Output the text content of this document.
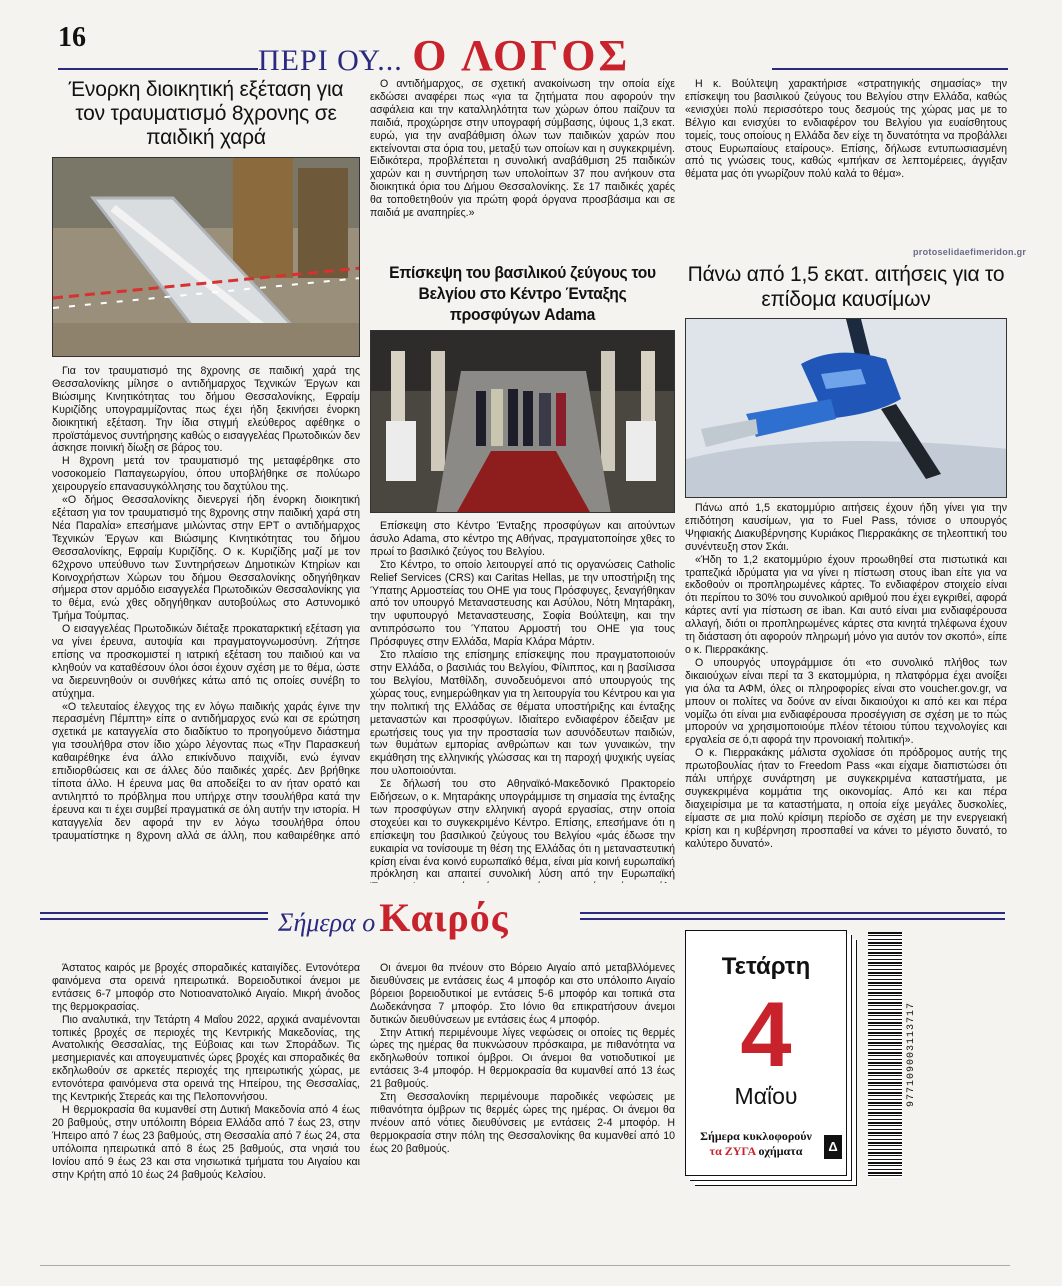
16
ΠΕΡΙ ΟΥ... Ο ΛΟΓΟΣ
Ένορκη διοικητική εξέταση για τον τραυματισμό 8χρονης σε παιδική χαρά

Για τον τραυματισμό της 8χρονης σε παιδική χαρά της Θεσσαλονίκης μίλησε ο αντιδήμαρχος Τεχνικών Έργων και Βιώσιμης Κινητικότητας του δήμου Θεσσαλονίκης, Εφραίμ Κυριζίδης υπογραμμίζοντας πως έχει ήδη ξεκινήσει ένορκη διοικητική εξέταση. Την ίδια στιγμή ελεύθερος αφέθηκε ο προϊστάμενος συντήρησης καθώς ο εισαγγελέας Πρωτοδικών δεν άσκησε ποινική δίωξη σε βάρος του.

Η 8χρονη μετά τον τραυματισμό της μεταφέρθηκε στο νοσοκομείο Παπαγεωργίου, όπου υποβλήθηκε σε πολύωρο χειρουργείο επανασυγκόλλησης του δαχτύλου της.

«Ο δήμος Θεσσαλονίκης διενεργεί ήδη ένορκη διοικητική εξέταση για τον τραυματισμό της 8χρονης στην παιδική χαρά στη Νέα Παραλία» επεσήμανε μιλώντας στην ΕΡΤ ο αντιδήμαρχος Τεχνικών Έργων και Βιώσιμης Κινητικότητας του δήμου Θεσσαλονίκης, Εφραίμ Κυριζίδης. Ο κ. Κυριζίδης μαζί με τον 62χρονο υπεύθυνο των Συντηρήσεων Δημοτικών Κτηρίων και Κοινοχρήστων Χώρων του δήμου Θεσσαλονίκης οδηγήθηκαν σήμερα στον αρμόδιο εισαγγελέα Πρωτοδικών Θεσσαλονίκης για το θέμα, ενώ χθες οδηγήθηκαν αυτοβούλως στο Αστυνομικό Τμήμα Τούμπας.

Ο εισαγγελέας Πρωτοδικών διέταξε προκαταρκτική εξέταση για να γίνει έρευνα, αυτοψία και πραγματογνωμοσύνη. Ζήτησε επίσης να προσκομιστεί η ιατρική εξέταση του παιδιού και να κληθούν να καταθέσουν όλοι όσοι έχουν σχέση με το θέμα, ώστε να διερευνηθούν οι συνθήκες κάτω από τις οποίες συνέβη το ατύχημα.

«Ο τελευταίος έλεγχος της εν λόγω παιδικής χαράς έγινε την περασμένη Πέμπτη» είπε ο αντιδήμαρχος ενώ και σε ερώτηση σχετικά με καταγγελία στο διαδίκτυο το προηγούμενο διάστημα για τσουλήθρα στον ίδιο χώρο λέγοντας πως «Την Παρασκευή καθαιρέθηκε ένα άλλο επικίνδυνο παιχνίδι, ενώ έγιναν επιδιορθώσεις και σε άλλες δύο παιδικές χαρές. Δεν βρήθηκε τίποτα άλλο. Η έρευνα μας θα αποδείξει το αν ήταν ορατό και αντιληπτό το πρόβλημα που υπήρχε στην τσουλήθρα κατά την έρευνα και τι έχει συμβεί πραγματικά σε όλη αυτήν την ιστορία. Η καταγγελία δεν αφορά την εν λόγω τσουλήθρα όπου τραυματίστηκε η 8χρονη αλλά σε άλλη, που καθαιρέθηκε από

Ο αντιδήμαρχος, σε σχετική ανακοίνωση την οποία είχε εκδώσει αναφέρει πως «για τα ζητήματα που αφορούν την ασφάλεια και την καταλληλότητα των χώρων όπου παίζουν τα παιδιά, προχώρησε στην υπογραφή σύμβασης, ύψους 1,3 εκατ. ευρώ, για την αναβάθμιση όλων των παιδικών χαρών που εκτείνονται στα όρια του, μεταξύ των οποίων και η συγκεκριμένη. Ειδικότερα, προβλέπεται η συνολική αναβάθμιση 25 παιδικών χαρών και η συντήρηση των υπολοίπων 37 που ανήκουν στα διοικητικά όρια του Δήμου Θεσσαλονίκης. Σε 17 παιδικές χαρές θα τοποθετηθούν για πρώτη φορά όργανα προσβάσιμα και σε παιδιά με αναπηρίες.»

Επίσκεψη του βασιλικού ζεύγους του Βελγίου στο Κέντρο Ένταξης προσφύγων Adama

Επίσκεψη στο Κέντρο Ένταξης προσφύγων και αιτούντων άσυλο Adama, στο κέντρο της Αθήνας, πραγματοποίησε χθες το πρωί το βασιλικό ζεύγος του Βελγίου.

Στο Κέντρο, το οποίο λειτουργεί από τις οργανώσεις Catholic Relief Services (CRS) και Caritas Hellas, με την υποστήριξη της Ύπατης Αρμοστείας του ΟΗΕ για τους Πρόσφυγες, ξεναγήθηκαν από τον υπουργό Μεταναστευσης και Ασύλου, Νότη Μηταράκη, την υφυπουργό Μεταναστευσης, Σοφία Βούλτεψη, και την αντιπρόσωπο του Ύπατου Αρμοστή του ΟΗΕ για τους Πρόσφυγες στην Ελλάδα, Μαρία Κλάρα Μάρτιν.

Στο πλαίσιο της επίσημης επίσκεψης που πραγματοποιούν στην Ελλάδα, ο βασιλιάς του Βελγίου, Φίλιππος, και η βασίλισσα του Βελγίου, Ματθίλδη, συνοδευόμενοι από υπουργούς της χώρας τους, ενημερώθηκαν για τη λειτουργία του Κέντρου και για την πολιτική της Ελλάδας σε θέματα υποστήριξης και ένταξης μεταναστών και προσφύγων. Ιδιαίτερο ενδιαφέρον έδειξαν με ερωτήσεις τους για την προστασία των ασυνόδευτων παιδιών, των θυμάτων εμπορίας ανθρώπων και των γυναικών, την εκμάθηση της ελληνικής γλώσσας και τη παροχή ψυχικής υγείας που υλοποιούνται.

Σε δήλωσή του στο Αθηναϊκό-Μακεδονικό Πρακτορείο Ειδήσεων, ο κ. Μηταράκης υπογράμμισε τη σημασία της ένταξης των προσφύγων στην ελληνική αγορά εργασίας, στην οποία στοχεύει και το συγκεκριμένο Κέντρο. Επίσης, επεσήμανε ότι η επίσκεψη του βασιλικού ζεύγους του Βελγίου «μάς έδωσε την ευκαιρία να τονίσουμε τη θέση της Ελλάδας ότι η μεταναστευτική κρίση είναι ένα κοινό ευρωπαϊκό θέμα, είναι μία κοινή ευρωπαϊκή πρόκληση και απαιτεί συνολική λύση από την Ευρωπαϊκή

Η κ. Βούλτεψη χαρακτήρισε «στρατηγικής σημασίας» την επίσκεψη του βασιλικού ζεύγους του Βελγίου στην Ελλάδα, καθώς «ενισχύει πολύ περισσότερο τους δεσμούς της χώρας μας με το Βέλγιο και ενισχύει το ενδιαφέρον του Βελγίου για ευαίσθητους τομείς, τους οποίους η Ελλάδα δεν είχε τη δυνατότητα να προβάλλει στους Ευρωπαίους εταίρους». Επίσης, δήλωσε εντυπωσιασμένη από τις γνώσεις τους, καθώς «μπήκαν σε λεπτομέρειες, άγγιξαν θέματα μας ότι γνωρίζουν πολύ καλά το θέμα».

protoselidaefimeridon.gr
Πάνω από 1,5 εκατ. αιτήσεις για το επίδομα καυσίμων

Πάνω από 1,5 εκατομμύριο αιτήσεις έχουν ήδη γίνει για την επιδότηση καυσίμων, για το Fuel Pass, τόνισε ο υπουργός Ψηφιακής Διακυβέρνησης Κυριάκος Πιερρακάκης σε τηλεοπτική του συνέντευξη στον Σκάι.

«Ήδη το 1,2 εκατομμύριο έχουν προωθηθεί στα πιστωτικά και τραπεζικά ιδρύματα για να γίνει η πίστωση στους iban είτε για να εκδοθούν οι προπληρωμένες κάρτες. Το ενδιαφέρον στοιχείο είναι ότι περίπου το 30% του συνολικού αριθμού που έχει εγκριθεί, αφορά κάρτες αντί για πίστωση σε iban. Και αυτό είναι μια ενδιαφέρουσα αλλαγή, διότι οι προπληρωμένες κάρτες στα κινητά τηλέφωνα έχουν τη διάσταση ότι αφορούν πληρωμή μόνο για αυτόν τον σκοπό», είπε ο κ. Πιερρακάκης.

Ο υπουργός υπογράμμισε ότι «το συνολικό πλήθος των δικαιούχων είναι περί τα 3 εκατομμύρια, η πλατφόρμα έχει ανοίξει για όλα τα ΑΦΜ, όλες οι πληροφορίες είναι στο voucher.gov.gr, να μπουν οι πολίτες να δούνε αν είναι δικαιούχοι κι από κει και πέρα νομίζω ότι είναι μια ενδιαφέρουσα προσέγγιση σε σχέση με το πώς μπορούν να χρησιμοποιούμε πλέον τέτοιου τύπου τεχνολογίες και εργαλεία σε ό,τι αφορά την προνοιακή πολιτική».

Ο κ. Πιερρακάκης μάλιστα σχολίασε ότι πρόδρομος αυτής της πρωτοβουλίας ήταν το Freedom Pass «και είχαμε διαπιστώσει ότι πάλι υπήρχε συνάρτηση με συγκεκριμένα καταστήματα, με συγκεκριμένα κομμάτια της οικονομίας. Από κει και πέρα διαχειρίσιμα με τα καταστήματα, η οποία είχε μεγάλες δυσκολίες, είμαστε σε μια πολύ κρίσιμη περίοδο σε σχέση με την ενεργειακή κρίση και η κυβέρνηση προσπαθεί να κάνει το μέγιστο δυνατό, το καλύτερο δυνατό».

Σήμερα ο Καιρός

Άστατος καιρός με βροχές σποραδικές καταιγίδες. Εντονότερα φαινόμενα στα ορεινά ηπειρωτικά. Βορειοδυτικοί άνεμοι με εντάσεις 6-7 μποφόρ στο Νοτιοανατολικό Αιγαίο. Μικρή άνοδος της θερμοκρασίας.

Πιο αναλυτικά, την Τετάρτη 4 Μαΐου 2022, αρχικά αναμένονται τοπικές βροχές σε περιοχές της Κεντρικής Μακεδονίας, της Ανατολικής Θεσσαλίας, της Εύβοιας και των Σποράδων. Τις μεσημεριανές και απογευματινές ώρες βροχές και σποραδικές θα εκδηλωθούν σε αρκετές περιοχές της ηπειρωτικής χώρας, με εντονότερα φαινόμενα στα ορεινά της Ηπείρου, της Θεσσαλίας, της Κεντρικής Στερεάς και της Πελοποννήσου.

Η θερμοκρασία θα κυμανθεί στη Δυτική Μακεδονία από 4 έως 20 βαθμούς, στην υπόλοιπη Βόρεια Ελλάδα από 7 έως 23, στην Ήπειρο από 7 έως 23 βαθμούς, στη Θεσσαλία από 7 έως 24, στα υπόλοιπα ηπειρωτικά από 8 έως 25 βαθμούς, στα νησιά του Ιονίου από 9 έως 23 και στα νησιωτικά τμήματα του Αιγαίου και στην Κρήτη από 10 έως 24 βαθμούς Κελσίου.

Οι άνεμοι θα πνέουν στο Βόρειο Αιγαίο από μεταβλλόμενες διευθύνσεις με εντάσεις έως 4 μποφόρ και στο υπόλοιπο Αιγαίο βόρειοι βορειοδυτικοί με εντάσεις 5-6 μποφόρ και τοπικά στα Δωδεκάνησα 7 μποφόρ. Στο Ιόνιο θα επικρατήσουν άνεμοι δυτικών διευθύνσεων με εντάσεις έως 4 μποφόρ.

Στην Αττική περιμένουμε λίγες νεφώσεις οι οποίες τις θερμές ώρες της ημέρας θα πυκνώσουν πρόσκαιρα, με πιθανότητα να εκδηλωθούν τοπικοί όμβροι. Οι άνεμοι θα νοτιοδυτικοί με εντάσεις 3-4 μποφόρ. Η θερμοκρασία θα κυμανθεί από 13 έως 21 βαθμούς.

Στη Θεσσαλονίκη περιμένουμε παροδικές νεφώσεις με πιθανότητα όμβρων τις θερμές ώρες της ημέρας. Οι άνεμοι θα πνέουν από νότιες διευθύνσεις με εντάσεις 2-4 μποφόρ. Η θερμοκρασία στην πόλη της Θεσσαλονίκης θα κυμανθεί από 10 έως 20 βαθμούς.

Τετάρτη
4
Μαΐου
Σήμερα κυκλοφορούν
τα ΖΥΓΑ οχήματα	Δ
977109003113717
